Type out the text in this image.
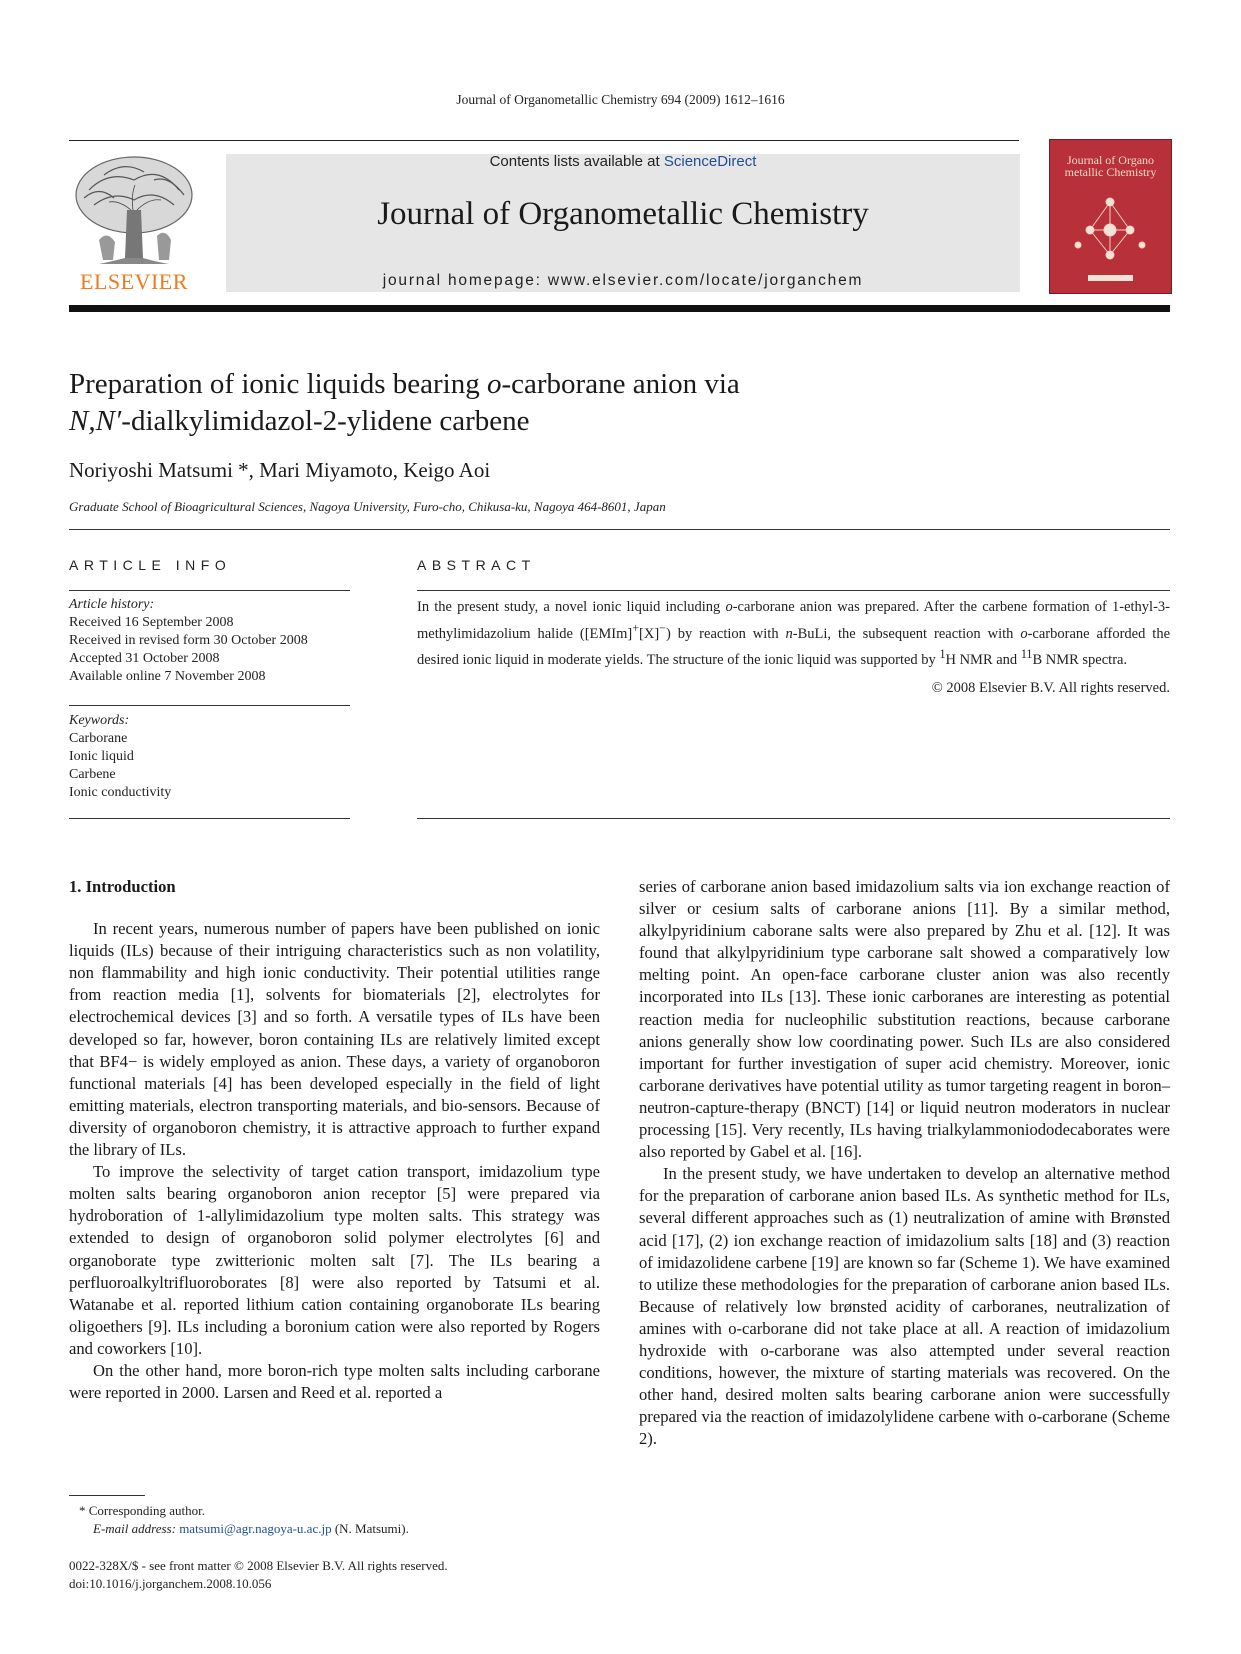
Journal of Organometallic Chemistry 694 (2009) 1612–1616
ELSEVIER
Contents lists available at ScienceDirect
Journal of Organometallic Chemistry
journal homepage: www.elsevier.com/locate/jorganchem
Journal of Organo metallic Chemistry
Preparation of ionic liquids bearing o-carborane anion via
N,N′-dialkylimidazol-2-ylidene carbene
Noriyoshi Matsumi *, Mari Miyamoto, Keigo Aoi
Graduate School of Bioagricultural Sciences, Nagoya University, Furo-cho, Chikusa-ku, Nagoya 464-8601, Japan
ARTICLE INFO
Article history:
Received 16 September 2008
Received in revised form 30 October 2008
Accepted 31 October 2008
Available online 7 November 2008
Keywords:
Carborane
Ionic liquid
Carbene
Ionic conductivity
ABSTRACT
In the present study, a novel ionic liquid including o-carborane anion was prepared. After the carbene formation of 1-ethyl-3-methylimidazolium halide ([EMIm]+[X]−) by reaction with n-BuLi, the subsequent reaction with o-carborane afforded the desired ionic liquid in moderate yields. The structure of the ionic liquid was supported by $^1$H NMR and $^{11}$B NMR spectra.
© 2008 Elsevier B.V. All rights reserved.
1. Introduction

In recent years, numerous number of papers have been published on ionic liquids (ILs) because of their intriguing characteristics such as non volatility, non flammability and high ionic conductivity. Their potential utilities range from reaction media [1], solvents for biomaterials [2], electrolytes for electrochemical devices [3] and so forth. A versatile types of ILs have been developed so far, however, boron containing ILs are relatively limited except that BF4− is widely employed as anion. These days, a variety of organoboron functional materials [4] has been developed especially in the field of light emitting materials, electron transporting materials, and bio-sensors. Because of diversity of organoboron chemistry, it is attractive approach to further expand the library of ILs.

To improve the selectivity of target cation transport, imidazolium type molten salts bearing organoboron anion receptor [5] were prepared via hydroboration of 1-allylimidazolium type molten salts. This strategy was extended to design of organoboron solid polymer electrolytes [6] and organoborate type zwitterionic molten salt [7]. The ILs bearing a perfluoroalkyltrifluoroborates [8] were also reported by Tatsumi et al. Watanabe et al. reported lithium cation containing organoborate ILs bearing oligoethers [9]. ILs including a boronium cation were also reported by Rogers and coworkers [10].

On the other hand, more boron-rich type molten salts including carborane were reported in 2000. Larsen and Reed et al. reported a

series of carborane anion based imidazolium salts via ion exchange reaction of silver or cesium salts of carborane anions [11]. By a similar method, alkylpyridinium caborane salts were also prepared by Zhu et al. [12]. It was found that alkylpyridinium type carborane salt showed a comparatively low melting point. An open-face carborane cluster anion was also recently incorporated into ILs [13]. These ionic carboranes are interesting as potential reaction media for nucleophilic substitution reactions, because carborane anions generally show low coordinating power. Such ILs are also considered important for further investigation of super acid chemistry. Moreover, ionic carborane derivatives have potential utility as tumor targeting reagent in boron–neutron-capture-therapy (BNCT) [14] or liquid neutron moderators in nuclear processing [15]. Very recently, ILs having trialkylammoniododecaborates were also reported by Gabel et al. [16].

In the present study, we have undertaken to develop an alternative method for the preparation of carborane anion based ILs. As synthetic method for ILs, several different approaches such as (1) neutralization of amine with Brønsted acid [17], (2) ion exchange reaction of imidazolium salts [18] and (3) reaction of imidazolidene carbene [19] are known so far (Scheme 1). We have examined to utilize these methodologies for the preparation of carborane anion based ILs. Because of relatively low brønsted acidity of carboranes, neutralization of amines with o-carborane did not take place at all. A reaction of imidazolium hydroxide with o-carborane was also attempted under several reaction conditions, however, the mixture of starting materials was recovered. On the other hand, desired molten salts bearing carborane anion were successfully prepared via the reaction of imidazolylidene carbene with o-carborane (Scheme 2).

* Corresponding author.
E-mail address: matsumi@agr.nagoya-u.ac.jp (N. Matsumi).
0022-328X/$ - see front matter © 2008 Elsevier B.V. All rights reserved.
doi:10.1016/j.jorganchem.2008.10.056
